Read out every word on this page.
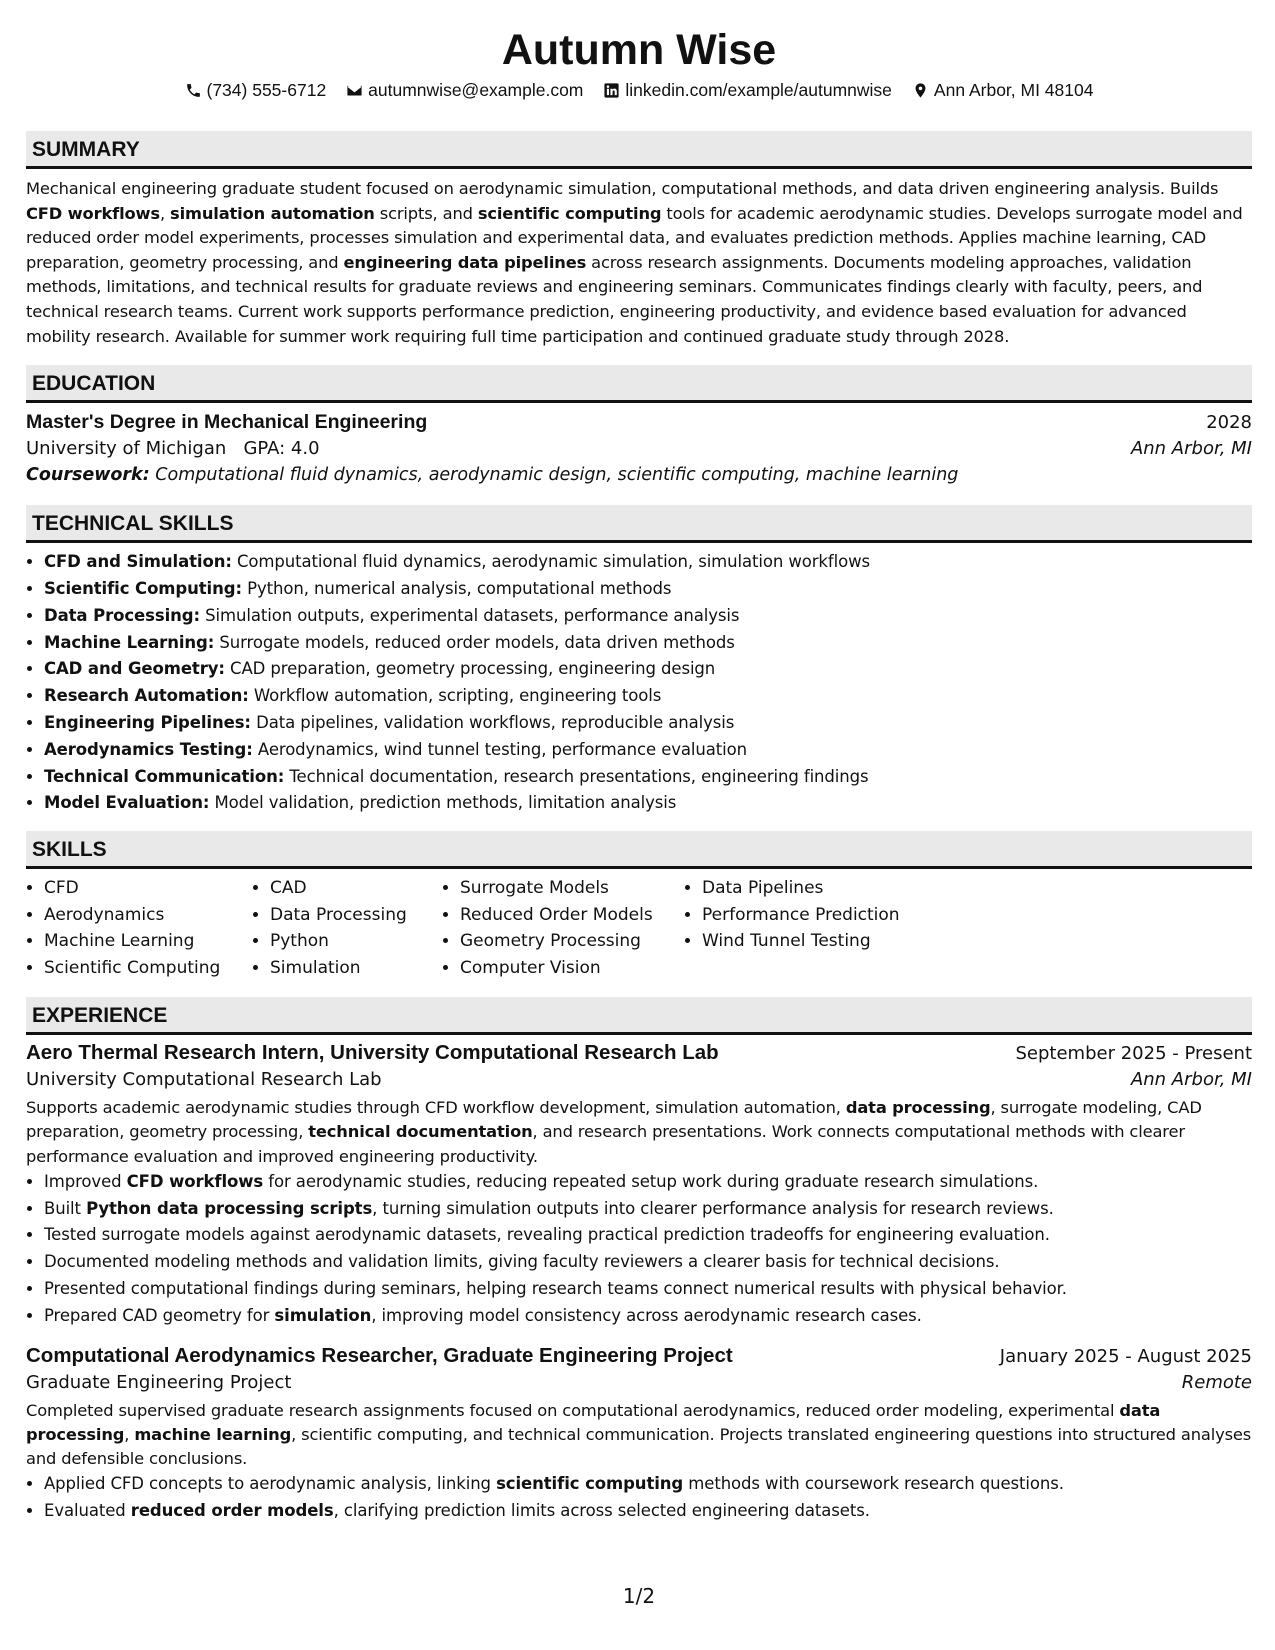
Autumn Wise
(734) 555-6712 autumnwise@example.com linkedin.com/example/autumnwise Ann Arbor, MI 48104
SUMMARY

Mechanical engineering graduate student focused on aerodynamic simulation, computational methods, and data driven engineering analysis. Builds CFD workflows, simulation automation scripts, and scientific computing tools for academic aerodynamic studies. Develops surrogate model and reduced order model experiments, processes simulation and experimental data, and evaluates prediction methods. Applies machine learning, CAD preparation, geometry processing, and engineering data pipelines across research assignments. Documents modeling approaches, validation methods, limitations, and technical results for graduate reviews and engineering seminars. Communicates findings clearly with faculty, peers, and technical research teams. Current work supports performance prediction, engineering productivity, and evidence based evaluation for advanced mobility research. Available for summer work requiring full time participation and continued graduate study through 2028.

EDUCATION
Master's Degree in Mechanical Engineering	2028
University of Michigan GPA: 4.0	Ann Arbor, MI
Coursework: Computational fluid dynamics, aerodynamic design, scientific computing, machine learning
TECHNICAL SKILLS
• CFD and Simulation: Computational fluid dynamics, aerodynamic simulation, simulation workflows
• Scientific Computing: Python, numerical analysis, computational methods
• Data Processing: Simulation outputs, experimental datasets, performance analysis
• Machine Learning: Surrogate models, reduced order models, data driven methods
• CAD and Geometry: CAD preparation, geometry processing, engineering design
• Research Automation: Workflow automation, scripting, engineering tools
• Engineering Pipelines: Data pipelines, validation workflows, reproducible analysis
• Aerodynamics Testing: Aerodynamics, wind tunnel testing, performance evaluation
• Technical Communication: Technical documentation, research presentations, engineering findings
• Model Evaluation: Model validation, prediction methods, limitation analysis
SKILLS
• CFD
• Aerodynamics
• Machine Learning
• Scientific Computing
• CAD
• Data Processing
• Python
• Simulation
• Surrogate Models
• Reduced Order Models
• Geometry Processing
• Computer Vision
• Data Pipelines
• Performance Prediction
• Wind Tunnel Testing
EXPERIENCE
Aero Thermal Research Intern, University Computational Research Lab	September 2025 - Present
University Computational Research Lab	Ann Arbor, MI
Supports academic aerodynamic studies through CFD workflow development, simulation automation, data processing, surrogate modeling, CAD preparation, geometry processing, technical documentation, and research presentations. Work connects computational methods with clearer performance evaluation and improved engineering productivity.
• Improved CFD workflows for aerodynamic studies, reducing repeated setup work during graduate research simulations.
• Built Python data processing scripts, turning simulation outputs into clearer performance analysis for research reviews.
• Tested surrogate models against aerodynamic datasets, revealing practical prediction tradeoffs for engineering evaluation.
• Documented modeling methods and validation limits, giving faculty reviewers a clearer basis for technical decisions.
• Presented computational findings during seminars, helping research teams connect numerical results with physical behavior.
• Prepared CAD geometry for simulation, improving model consistency across aerodynamic research cases.
Computational Aerodynamics Researcher, Graduate Engineering Project	January 2025 - August 2025
Graduate Engineering Project	Remote
Completed supervised graduate research assignments focused on computational aerodynamics, reduced order modeling, experimental data processing, machine learning, scientific computing, and technical communication. Projects translated engineering questions into structured analyses and defensible conclusions.
• Applied CFD concepts to aerodynamic analysis, linking scientific computing methods with coursework research questions.
• Evaluated reduced order models, clarifying prediction limits across selected engineering datasets.
1/2
